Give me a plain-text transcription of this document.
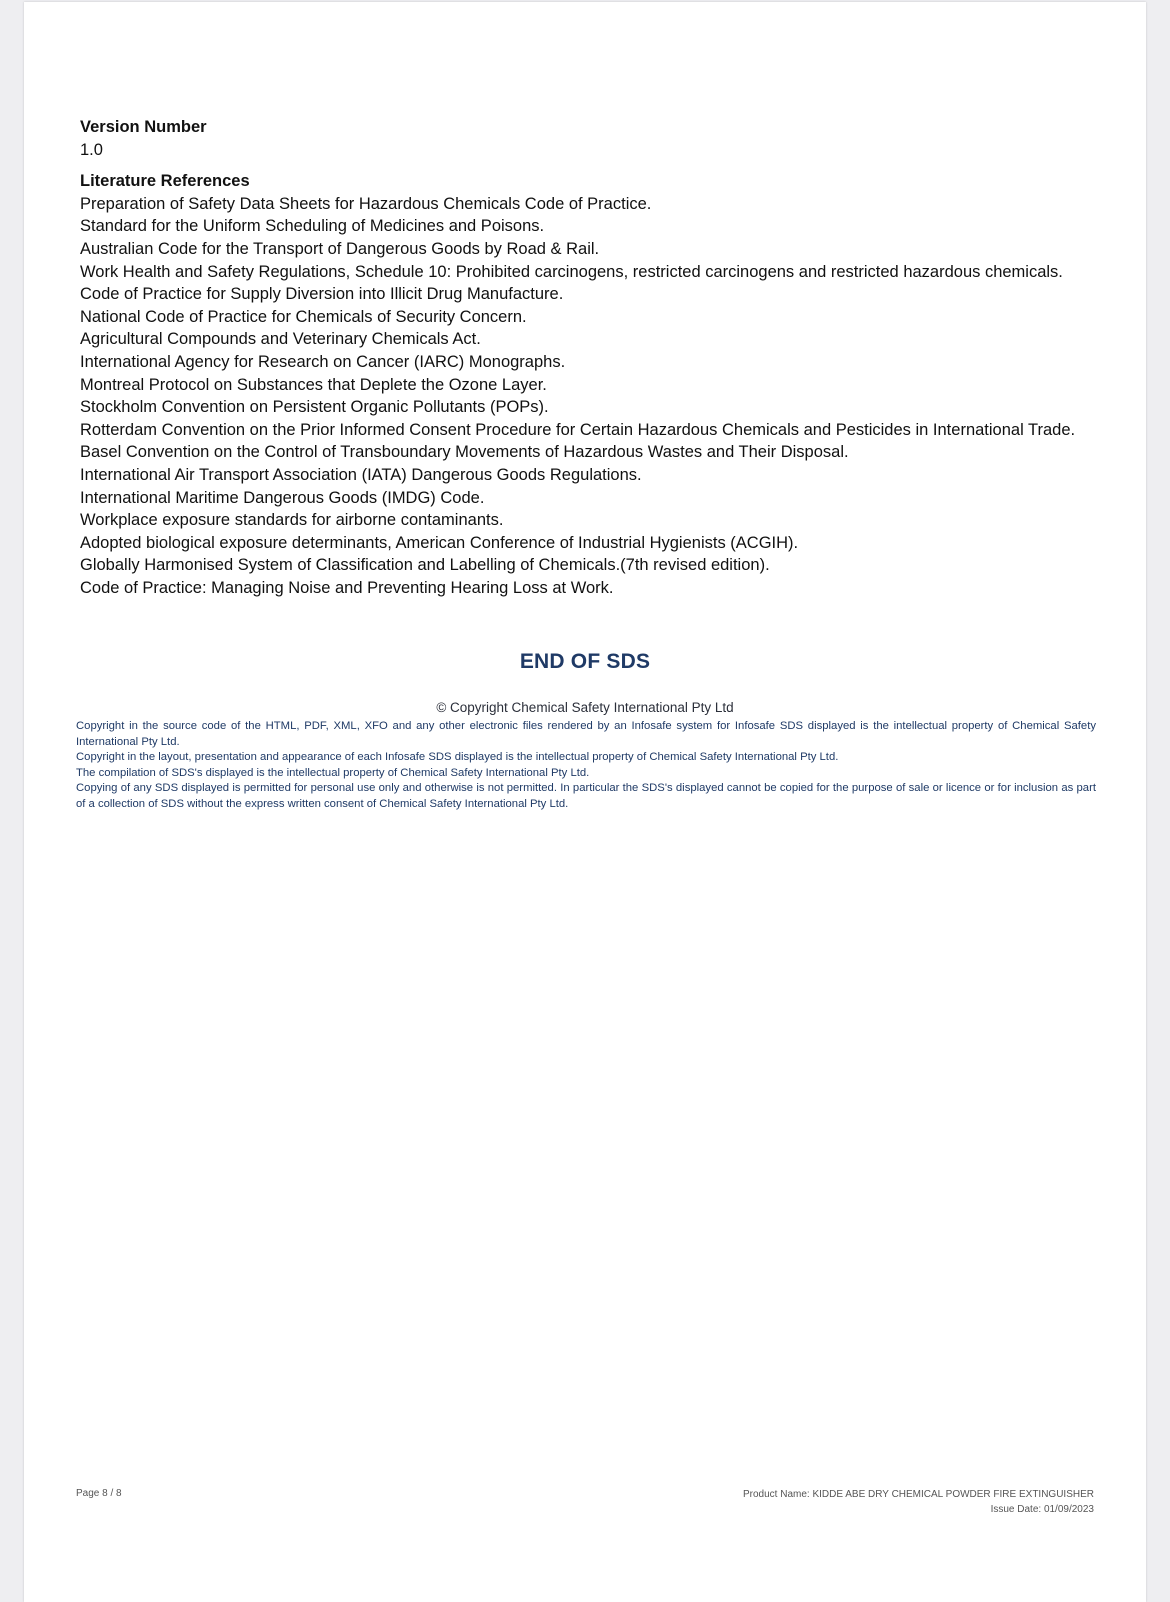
Version Number
1.0
Literature References
Preparation of Safety Data Sheets for Hazardous Chemicals Code of Practice.
Standard for the Uniform Scheduling of Medicines and Poisons.
Australian Code for the Transport of Dangerous Goods by Road & Rail.
Work Health and Safety Regulations, Schedule 10: Prohibited carcinogens, restricted carcinogens and restricted hazardous chemicals.
Code of Practice for Supply Diversion into Illicit Drug Manufacture.
National Code of Practice for Chemicals of Security Concern.
Agricultural Compounds and Veterinary Chemicals Act.
International Agency for Research on Cancer (IARC) Monographs.
Montreal Protocol on Substances that Deplete the Ozone Layer.
Stockholm Convention on Persistent Organic Pollutants (POPs).
Rotterdam Convention on the Prior Informed Consent Procedure for Certain Hazardous Chemicals and Pesticides in International Trade.
Basel Convention on the Control of Transboundary Movements of Hazardous Wastes and Their Disposal.
International Air Transport Association (IATA) Dangerous Goods Regulations.
International Maritime Dangerous Goods (IMDG) Code.
Workplace exposure standards for airborne contaminants.
Adopted biological exposure determinants, American Conference of Industrial Hygienists (ACGIH).
Globally Harmonised System of Classification and Labelling of Chemicals.(7th revised edition).
Code of Practice: Managing Noise and Preventing Hearing Loss at Work.
END OF SDS
© Copyright Chemical Safety International Pty Ltd

Copyright in the source code of the HTML, PDF, XML, XFO and any other electronic files rendered by an Infosafe system for Infosafe SDS displayed is the intellectual property of Chemical Safety International Pty Ltd.

Copyright in the layout, presentation and appearance of each Infosafe SDS displayed is the intellectual property of Chemical Safety International Pty Ltd.

The compilation of SDS's displayed is the intellectual property of Chemical Safety International Pty Ltd.

Copying of any SDS displayed is permitted for personal use only and otherwise is not permitted. In particular the SDS's displayed cannot be copied for the purpose of sale or licence or for inclusion as part of a collection of SDS without the express written consent of Chemical Safety International Pty Ltd.

Page 8 / 8	Product Name: KIDDE ABE DRY CHEMICAL POWDER FIRE EXTINGUISHER
Issue Date: 01/09/2023
